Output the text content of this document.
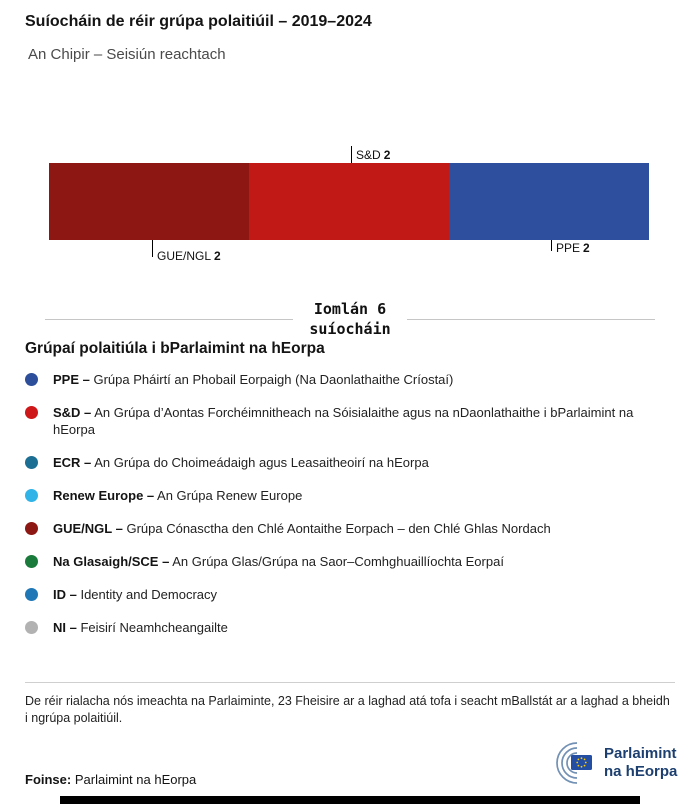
Suíocháin de réir grúpa polaitiúil – 2019–2024
An Chipir – Seisiún reachtach
S&D 2
GUE/NGL 2
PPE 2
Iomlán 6
suíocháin
Grúpaí polaitiúla i bParlaimint na hEorpa
PPE – Grúpa Pháirtí an Phobail Eorpaigh (Na Daonlathaithe Críostaí)
S&D – An Grúpa d’Aontas Forchéimnitheach na Sóisialaithe agus na nDaonlathaithe i bParlaimint na hEorpa
ECR – An Grúpa do Choimeádaigh agus Leasaitheoirí na hEorpa
Renew Europe – An Grúpa Renew Europe
GUE/NGL – Grúpa Cónasctha den Chlé Aontaithe Eorpach – den Chlé Ghlas Nordach
Na Glasaigh/SCE – An Grúpa Glas/Grúpa na Saor–Comhghuaillíochta Eorpaí
ID – Identity and Democracy
NI – Feisirí Neamhcheangailte
De réir rialacha nós imeachta na Parlaiminte, 23 Fheisire ar a laghad atá tofa i seacht mBallstát ar a laghad a bheidh i ngrúpa polaitiúil.
Foinse: Parlaimint na hEorpa
Parlaimint
na hEorpa
